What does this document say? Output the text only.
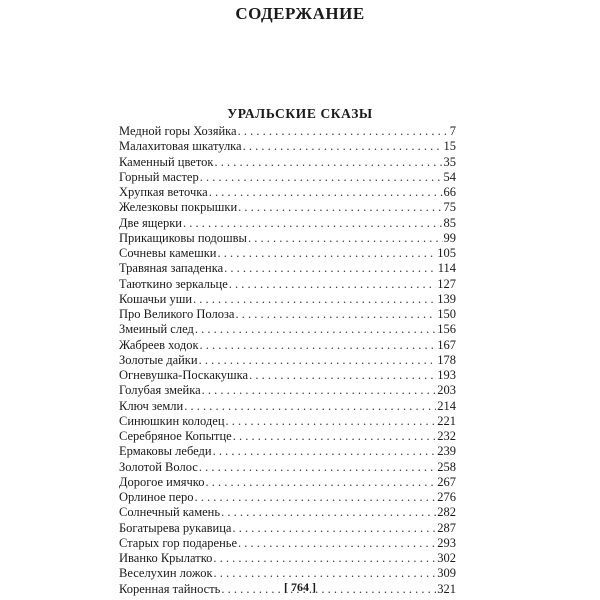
СОДЕРЖАНИЕ
УРАЛЬСКИЕ СКАЗЫ
Медной горы Хозяйка . . .	7
Малахитовая шкатулка . . .	15
Каменный цветок . . .	35
Горный мастер . . .	54
Хрупкая веточка . . .	66
Железковы покрышки . . .	75
Две ящерки . . .	85
Прикащиковы подошвы . . .	99
Сочневы камешки . . .	105
Травяная западенка . . .	114
Таюткино зеркальце . . .	127
Кошачьи уши . . .	139
Про Великого Полоза . . .	150
Змеиный след . . .	156
Жабреев ходок . . .	167
Золотые дайки . . .	178
Огневушка-Поскакушка . . .	193
Голубая змейка . . .	203
Ключ земли . . .	214
Синюшкин колодец . . .	221
Серебряное Копытце . . .	232
Ермаковы лебеди . . .	239
Золотой Волос . . .	258
Дорогое имячко . . .	267
Орлиное перо . . .	276
Солнечный камень . . .	282
Богатырева рукавица . . .	287
Старых гор подаренье . . .	293
Иванко Крылатко . . .	302
Веселухин ложок . . .	309
Коренная тайность . . .	321
[ 764 ]
